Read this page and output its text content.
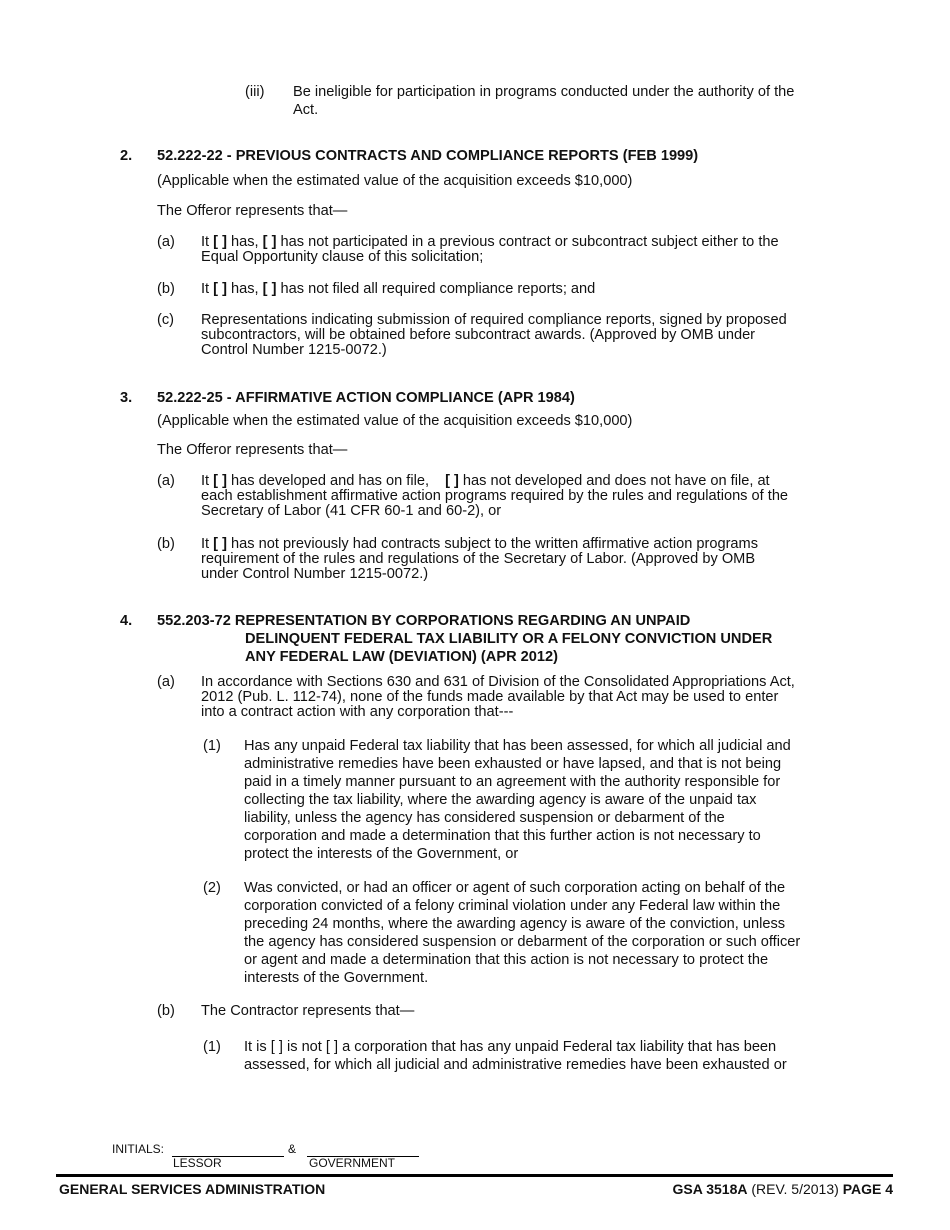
(iii) Be ineligible for participation in programs conducted under the authority of the
Act.
2. 52.222-22 - PREVIOUS CONTRACTS AND COMPLIANCE REPORTS (FEB 1999)
(Applicable when the estimated value of the acquisition exceeds $10,000)
The Offeror represents that—
(a) It [ ] has, [ ] has not participated in a previous contract or subcontract subject either to the
Equal Opportunity clause of this solicitation;
(b) It [ ] has, [ ] has not filed all required compliance reports; and
(c) Representations indicating submission of required compliance reports, signed by proposed
subcontractors, will be obtained before subcontract awards. (Approved by OMB under
Control Number 1215-0072.)
3. 52.222-25 - AFFIRMATIVE ACTION COMPLIANCE (APR 1984)
(Applicable when the estimated value of the acquisition exceeds $10,000)
The Offeror represents that—
(a) It [ ] has developed and has on file, [ ] has not developed and does not have on file, at
each establishment affirmative action programs required by the rules and regulations of the
Secretary of Labor (41 CFR 60-1 and 60-2), or
(b) It [ ] has not previously had contracts subject to the written affirmative action programs
requirement of the rules and regulations of the Secretary of Labor. (Approved by OMB
under Control Number 1215-0072.)
4. 552.203-72 REPRESENTATION BY CORPORATIONS REGARDING AN UNPAID
DELINQUENT FEDERAL TAX LIABILITY OR A FELONY CONVICTION UNDER
ANY FEDERAL LAW (DEVIATION) (APR 2012)
(a) In accordance with Sections 630 and 631 of Division of the Consolidated Appropriations Act,
2012 (Pub. L. 112-74), none of the funds made available by that Act may be used to enter
into a contract action with any corporation that---
(1) Has any unpaid Federal tax liability that has been assessed, for which all judicial and
administrative remedies have been exhausted or have lapsed, and that is not being
paid in a timely manner pursuant to an agreement with the authority responsible for
collecting the tax liability, where the awarding agency is aware of the unpaid tax
liability, unless the agency has considered suspension or debarment of the
corporation and made a determination that this further action is not necessary to
protect the interests of the Government, or
(2) Was convicted, or had an officer or agent of such corporation acting on behalf of the
corporation convicted of a felony criminal violation under any Federal law within the
preceding 24 months, where the awarding agency is aware of the conviction, unless
the agency has considered suspension or debarment of the corporation or such officer
or agent and made a determination that this action is not necessary to protect the
interests of the Government.
(b) The Contractor represents that—
(1) It is [ ] is not [ ] a corporation that has any unpaid Federal tax liability that has been
assessed, for which all judicial and administrative remedies have been exhausted or
INITIALS:	&
LESSOR	GOVERNMENT
GENERAL SERVICES ADMINISTRATION	GSA 3518A (REV. 5/2013) PAGE 4
